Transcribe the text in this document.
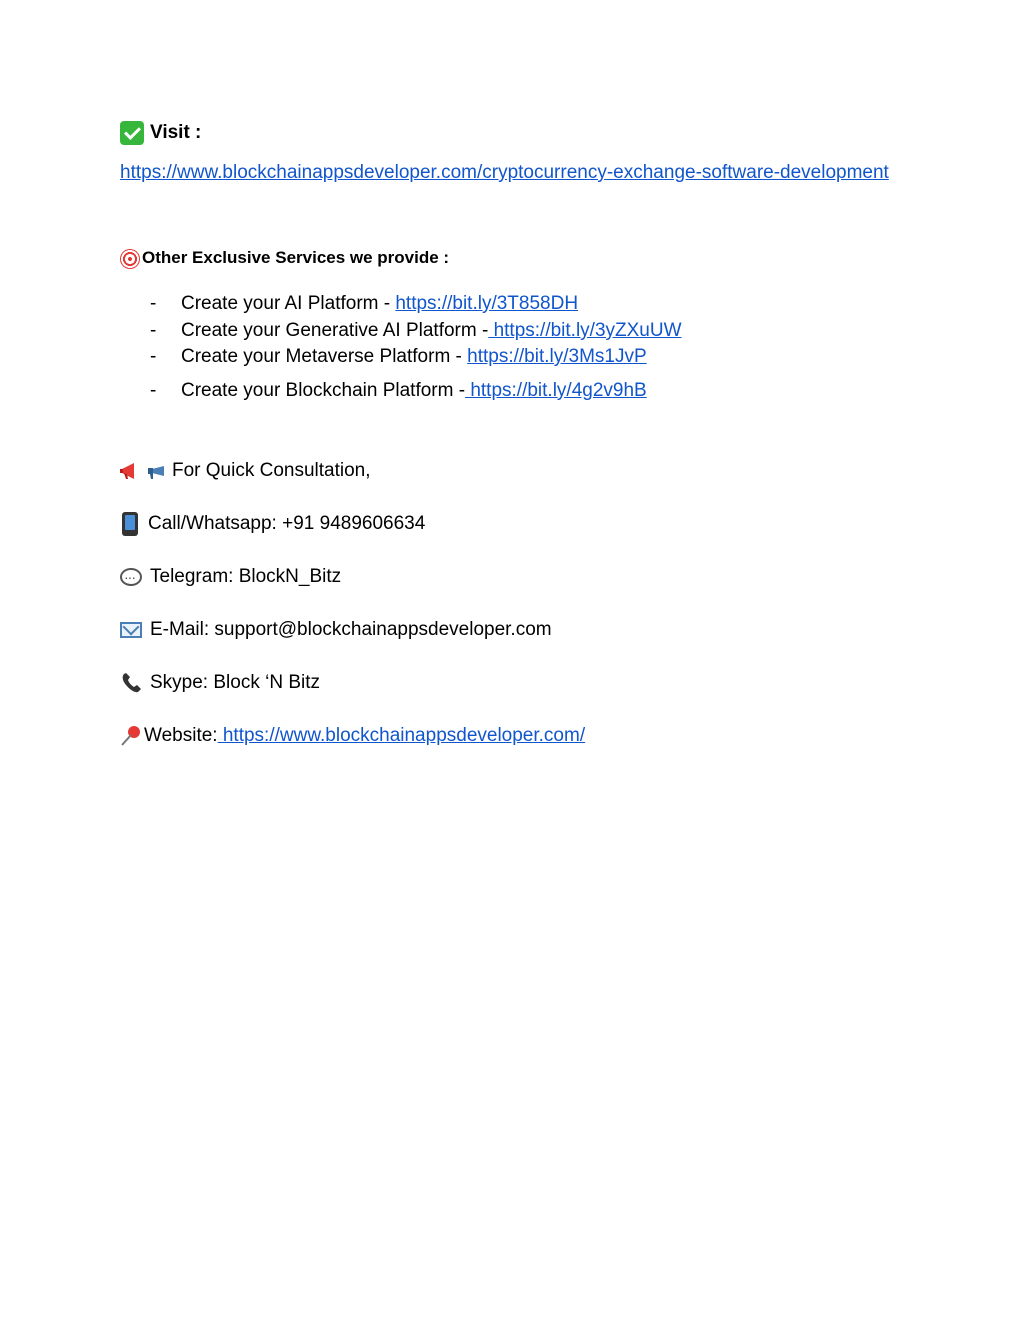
Visit :
https://www.blockchainappsdeveloper.com/cryptocurrency-exchange-software-development
Other Exclusive Services we provide :
- Create your AI Platform - https://bit.ly/3T858DH
- Create your Generative AI Platform - https://bit.ly/3yZXuUW
- Create your Metaverse Platform - https://bit.ly/3Ms1JvP
- Create your Blockchain Platform - https://bit.ly/4g2v9hB
For Quick Consultation,
Call/Whatsapp: +91 9489606634
···Telegram: BlockN_Bitz
E-Mail: support@blockchainappsdeveloper.com
Skype: Block ‘N Bitz
Website: https://www.blockchainappsdeveloper.com/
